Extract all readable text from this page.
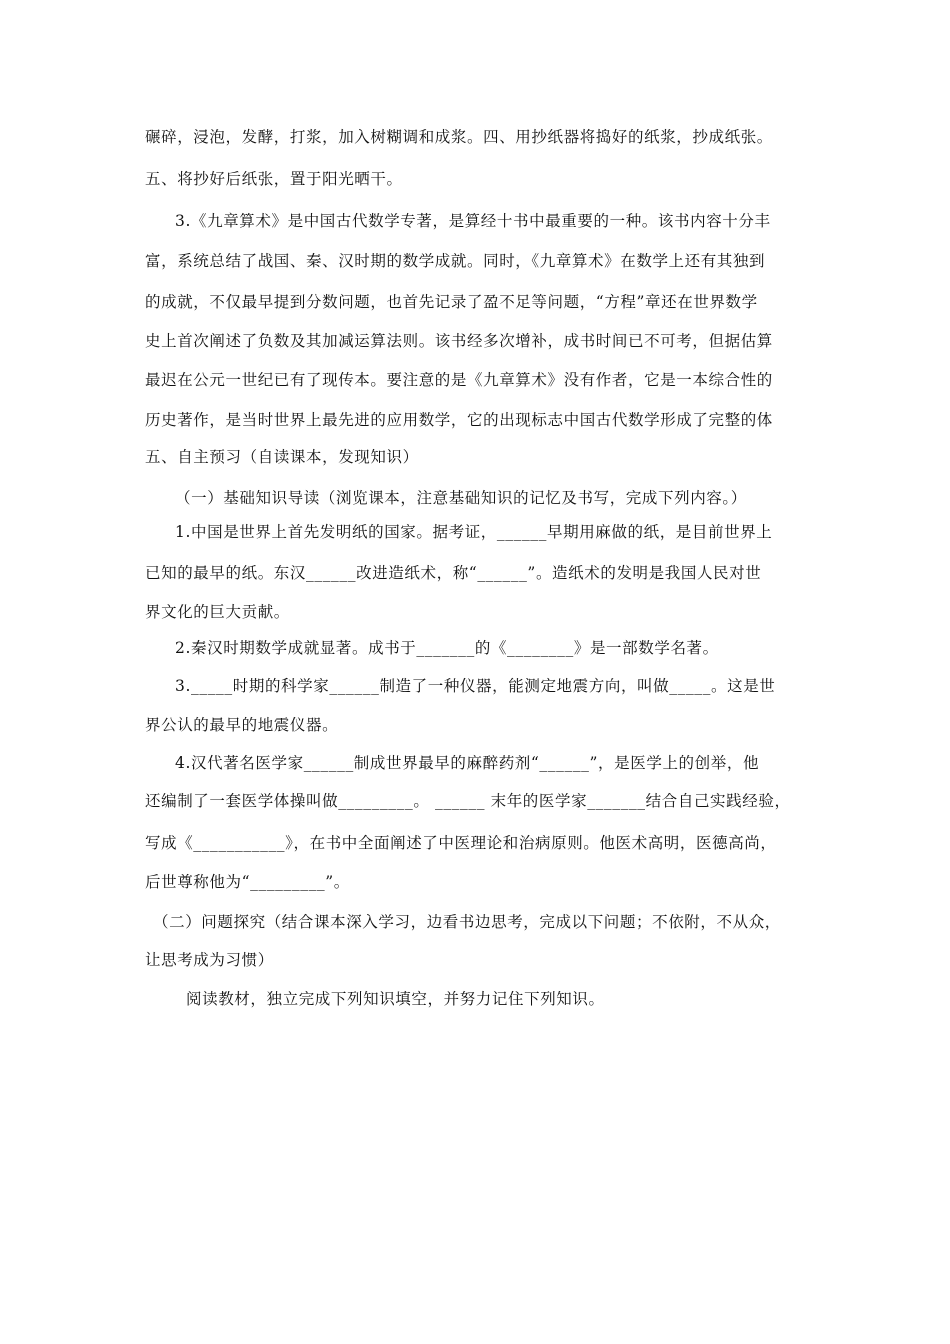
碾碎，浸泡，发酵，打浆，加入树糊调和成浆。四、用抄纸器将捣好的纸浆，抄成纸张。
五、将抄好后纸张，置于阳光晒干。
3.《九章算术》是中国古代数学专著，是算经十书中最重要的一种。该书内容十分丰
富，系统总结了战国、秦、汉时期的数学成就。同时，《九章算术》在数学上还有其独到
的成就，不仅最早提到分数问题，也首先记录了盈不足等问题，“方程”章还在世界数学
史上首次阐述了负数及其加减运算法则。该书经多次增补，成书时间已不可考，但据估算
最迟在公元一世纪已有了现传本。要注意的是《九章算术》没有作者，它是一本综合性的
历史著作，是当时世界上最先进的应用数学，它的出现标志中国古代数学形成了完整的体
五、自主预习（自读课本，发现知识）
（一）基础知识导读（浏览课本，注意基础知识的记忆及书写，完成下列内容。）
1.中国是世界上首先发明纸的国家。据考证，______早期用麻做的纸，是目前世界上
已知的最早的纸。东汉______改进造纸术，称“______”。造纸术的发明是我国人民对世
界文化的巨大贡献。
2.秦汉时期数学成就显著。成书于_______的《________》是一部数学名著。
3._____时期的科学家______制造了一种仪器，能测定地震方向，叫做_____。这是世
界公认的最早的地震仪器。
4.汉代著名医学家______制成世界最早的麻醉药剂“______”，是医学上的创举，他
还编制了一套医学体操叫做_________。 ______ 末年的医学家_______结合自己实践经验，
写成《___________》，在书中全面阐述了中医理论和治病原则。他医术高明，医德高尚，
后世尊称他为“_________”。
（二）问题探究（结合课本深入学习，边看书边思考，完成以下问题；不依附，不从众，
让思考成为习惯）
阅读教材，独立完成下列知识填空，并努力记住下列知识。
